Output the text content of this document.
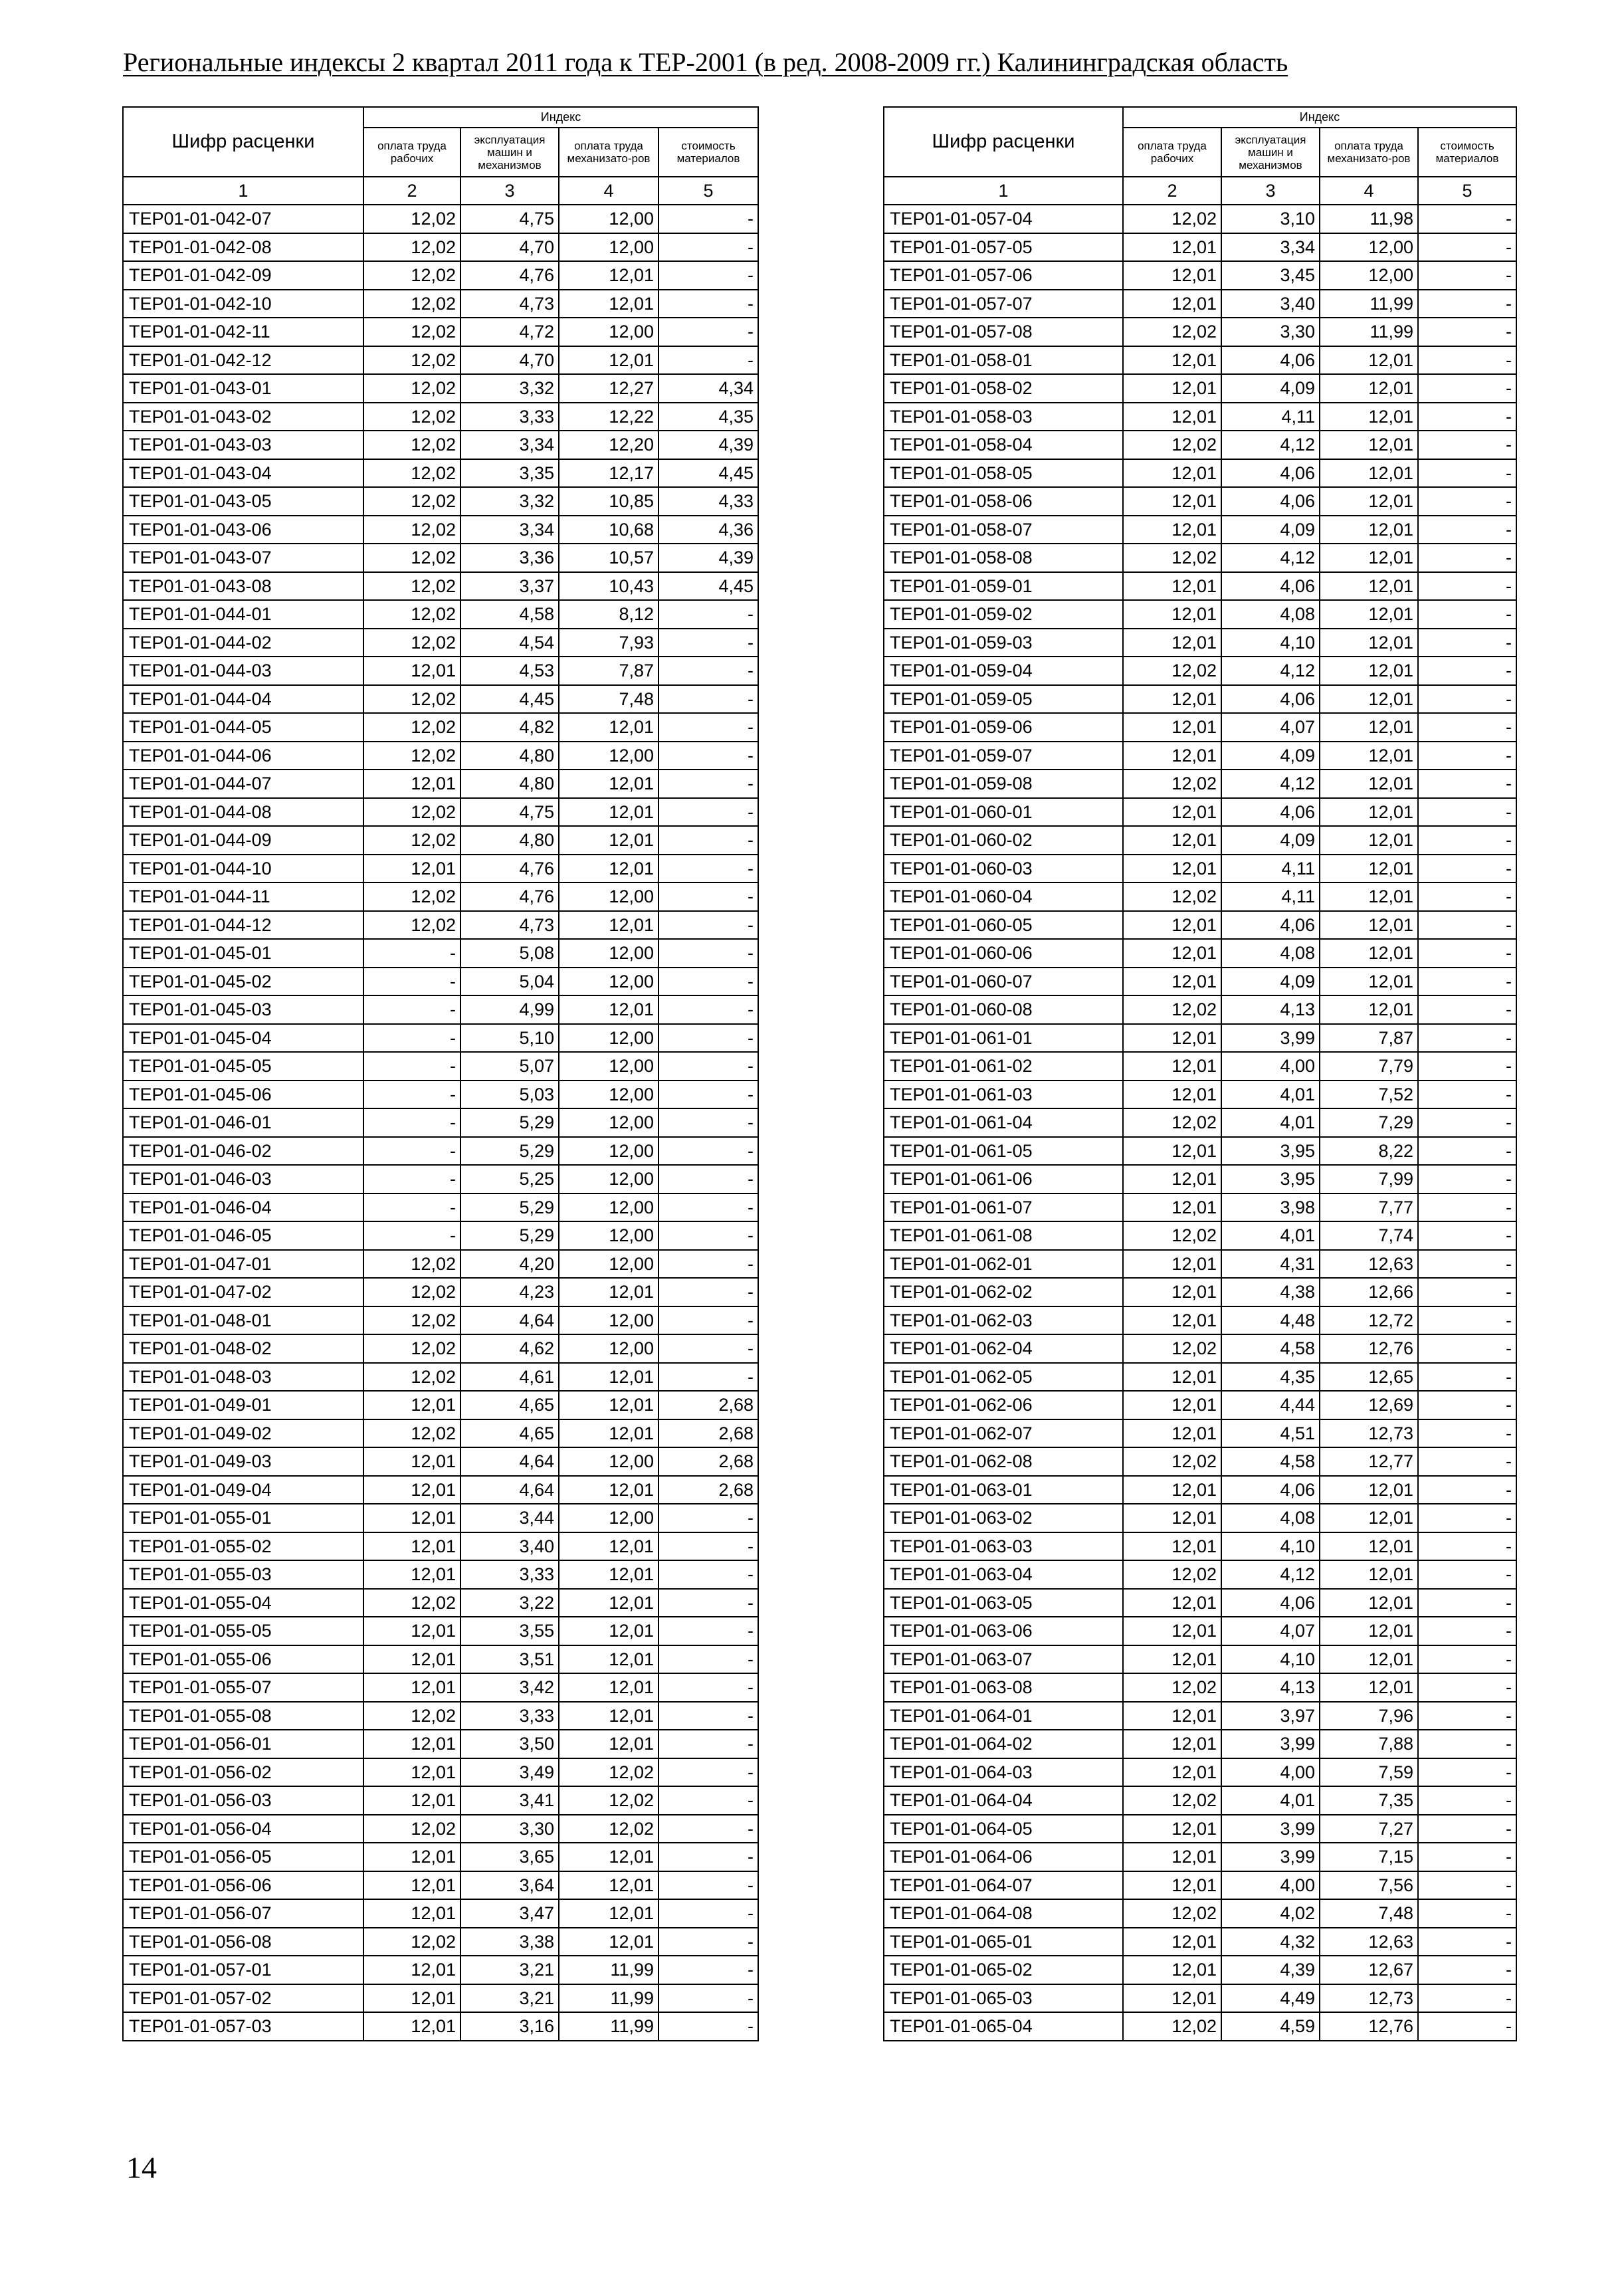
Региональные индексы 2 квартал 2011 года к ТЕР-2001 (в ред. 2008-2009 гг.) Калининградская область
Шифр расценки	Индекс			
	оплата труда рабочих	эксплуатация машин и механизмов	оплата труда механизато-ров	стоимость материалов
1	2	3	4	5
ТЕР01-01-042-07	12,02	4,75	12,00	-
ТЕР01-01-042-08	12,02	4,70	12,00	-
ТЕР01-01-042-09	12,02	4,76	12,01	-
ТЕР01-01-042-10	12,02	4,73	12,01	-
ТЕР01-01-042-11	12,02	4,72	12,00	-
ТЕР01-01-042-12	12,02	4,70	12,01	-
ТЕР01-01-043-01	12,02	3,32	12,27	4,34
ТЕР01-01-043-02	12,02	3,33	12,22	4,35
ТЕР01-01-043-03	12,02	3,34	12,20	4,39
ТЕР01-01-043-04	12,02	3,35	12,17	4,45
ТЕР01-01-043-05	12,02	3,32	10,85	4,33
ТЕР01-01-043-06	12,02	3,34	10,68	4,36
ТЕР01-01-043-07	12,02	3,36	10,57	4,39
ТЕР01-01-043-08	12,02	3,37	10,43	4,45
ТЕР01-01-044-01	12,02	4,58	8,12	-
ТЕР01-01-044-02	12,02	4,54	7,93	-
ТЕР01-01-044-03	12,01	4,53	7,87	-
ТЕР01-01-044-04	12,02	4,45	7,48	-
ТЕР01-01-044-05	12,02	4,82	12,01	-
ТЕР01-01-044-06	12,02	4,80	12,00	-
ТЕР01-01-044-07	12,01	4,80	12,01	-
ТЕР01-01-044-08	12,02	4,75	12,01	-
ТЕР01-01-044-09	12,02	4,80	12,01	-
ТЕР01-01-044-10	12,01	4,76	12,01	-
ТЕР01-01-044-11	12,02	4,76	12,00	-
ТЕР01-01-044-12	12,02	4,73	12,01	-
ТЕР01-01-045-01	-	5,08	12,00	-
ТЕР01-01-045-02	-	5,04	12,00	-
ТЕР01-01-045-03	-	4,99	12,01	-
ТЕР01-01-045-04	-	5,10	12,00	-
ТЕР01-01-045-05	-	5,07	12,00	-
ТЕР01-01-045-06	-	5,03	12,00	-
ТЕР01-01-046-01	-	5,29	12,00	-
ТЕР01-01-046-02	-	5,29	12,00	-
ТЕР01-01-046-03	-	5,25	12,00	-
ТЕР01-01-046-04	-	5,29	12,00	-
ТЕР01-01-046-05	-	5,29	12,00	-
ТЕР01-01-047-01	12,02	4,20	12,00	-
ТЕР01-01-047-02	12,02	4,23	12,01	-
ТЕР01-01-048-01	12,02	4,64	12,00	-
ТЕР01-01-048-02	12,02	4,62	12,00	-
ТЕР01-01-048-03	12,02	4,61	12,01	-
ТЕР01-01-049-01	12,01	4,65	12,01	2,68
ТЕР01-01-049-02	12,02	4,65	12,01	2,68
ТЕР01-01-049-03	12,01	4,64	12,00	2,68
ТЕР01-01-049-04	12,01	4,64	12,01	2,68
ТЕР01-01-055-01	12,01	3,44	12,00	-
ТЕР01-01-055-02	12,01	3,40	12,01	-
ТЕР01-01-055-03	12,01	3,33	12,01	-
ТЕР01-01-055-04	12,02	3,22	12,01	-
ТЕР01-01-055-05	12,01	3,55	12,01	-
ТЕР01-01-055-06	12,01	3,51	12,01	-
ТЕР01-01-055-07	12,01	3,42	12,01	-
ТЕР01-01-055-08	12,02	3,33	12,01	-
ТЕР01-01-056-01	12,01	3,50	12,01	-
ТЕР01-01-056-02	12,01	3,49	12,02	-
ТЕР01-01-056-03	12,01	3,41	12,02	-
ТЕР01-01-056-04	12,02	3,30	12,02	-
ТЕР01-01-056-05	12,01	3,65	12,01	-
ТЕР01-01-056-06	12,01	3,64	12,01	-
ТЕР01-01-056-07	12,01	3,47	12,01	-
ТЕР01-01-056-08	12,02	3,38	12,01	-
ТЕР01-01-057-01	12,01	3,21	11,99	-
ТЕР01-01-057-02	12,01	3,21	11,99	-
ТЕР01-01-057-03	12,01	3,16	11,99	-
Шифр расценки	Индекс			
	оплата труда рабочих	эксплуатация машин и механизмов	оплата труда механизато-ров	стоимость материалов
1	2	3	4	5
ТЕР01-01-057-04	12,02	3,10	11,98	-
ТЕР01-01-057-05	12,01	3,34	12,00	-
ТЕР01-01-057-06	12,01	3,45	12,00	-
ТЕР01-01-057-07	12,01	3,40	11,99	-
ТЕР01-01-057-08	12,02	3,30	11,99	-
ТЕР01-01-058-01	12,01	4,06	12,01	-
ТЕР01-01-058-02	12,01	4,09	12,01	-
ТЕР01-01-058-03	12,01	4,11	12,01	-
ТЕР01-01-058-04	12,02	4,12	12,01	-
ТЕР01-01-058-05	12,01	4,06	12,01	-
ТЕР01-01-058-06	12,01	4,06	12,01	-
ТЕР01-01-058-07	12,01	4,09	12,01	-
ТЕР01-01-058-08	12,02	4,12	12,01	-
ТЕР01-01-059-01	12,01	4,06	12,01	-
ТЕР01-01-059-02	12,01	4,08	12,01	-
ТЕР01-01-059-03	12,01	4,10	12,01	-
ТЕР01-01-059-04	12,02	4,12	12,01	-
ТЕР01-01-059-05	12,01	4,06	12,01	-
ТЕР01-01-059-06	12,01	4,07	12,01	-
ТЕР01-01-059-07	12,01	4,09	12,01	-
ТЕР01-01-059-08	12,02	4,12	12,01	-
ТЕР01-01-060-01	12,01	4,06	12,01	-
ТЕР01-01-060-02	12,01	4,09	12,01	-
ТЕР01-01-060-03	12,01	4,11	12,01	-
ТЕР01-01-060-04	12,02	4,11	12,01	-
ТЕР01-01-060-05	12,01	4,06	12,01	-
ТЕР01-01-060-06	12,01	4,08	12,01	-
ТЕР01-01-060-07	12,01	4,09	12,01	-
ТЕР01-01-060-08	12,02	4,13	12,01	-
ТЕР01-01-061-01	12,01	3,99	7,87	-
ТЕР01-01-061-02	12,01	4,00	7,79	-
ТЕР01-01-061-03	12,01	4,01	7,52	-
ТЕР01-01-061-04	12,02	4,01	7,29	-
ТЕР01-01-061-05	12,01	3,95	8,22	-
ТЕР01-01-061-06	12,01	3,95	7,99	-
ТЕР01-01-061-07	12,01	3,98	7,77	-
ТЕР01-01-061-08	12,02	4,01	7,74	-
ТЕР01-01-062-01	12,01	4,31	12,63	-
ТЕР01-01-062-02	12,01	4,38	12,66	-
ТЕР01-01-062-03	12,01	4,48	12,72	-
ТЕР01-01-062-04	12,02	4,58	12,76	-
ТЕР01-01-062-05	12,01	4,35	12,65	-
ТЕР01-01-062-06	12,01	4,44	12,69	-
ТЕР01-01-062-07	12,01	4,51	12,73	-
ТЕР01-01-062-08	12,02	4,58	12,77	-
ТЕР01-01-063-01	12,01	4,06	12,01	-
ТЕР01-01-063-02	12,01	4,08	12,01	-
ТЕР01-01-063-03	12,01	4,10	12,01	-
ТЕР01-01-063-04	12,02	4,12	12,01	-
ТЕР01-01-063-05	12,01	4,06	12,01	-
ТЕР01-01-063-06	12,01	4,07	12,01	-
ТЕР01-01-063-07	12,01	4,10	12,01	-
ТЕР01-01-063-08	12,02	4,13	12,01	-
ТЕР01-01-064-01	12,01	3,97	7,96	-
ТЕР01-01-064-02	12,01	3,99	7,88	-
ТЕР01-01-064-03	12,01	4,00	7,59	-
ТЕР01-01-064-04	12,02	4,01	7,35	-
ТЕР01-01-064-05	12,01	3,99	7,27	-
ТЕР01-01-064-06	12,01	3,99	7,15	-
ТЕР01-01-064-07	12,01	4,00	7,56	-
ТЕР01-01-064-08	12,02	4,02	7,48	-
ТЕР01-01-065-01	12,01	4,32	12,63	-
ТЕР01-01-065-02	12,01	4,39	12,67	-
ТЕР01-01-065-03	12,01	4,49	12,73	-
ТЕР01-01-065-04	12,02	4,59	12,76	-
14
